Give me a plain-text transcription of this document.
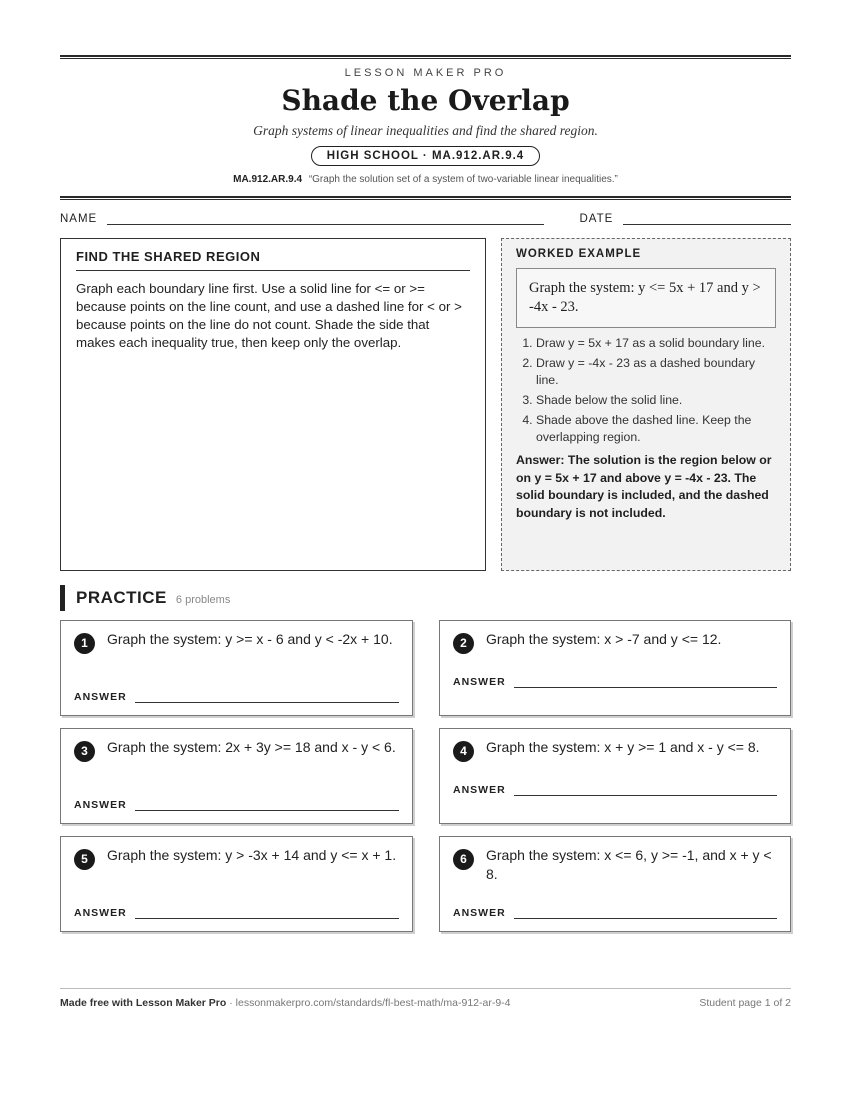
LESSON MAKER PRO
Shade the Overlap
Graph systems of linear inequalities and find the shared region.
HIGH SCHOOL · MA.912.AR.9.4
MA.912.AR.9.4 “Graph the solution set of a system of two-variable linear inequalities.”
NAME	DATE
FIND THE SHARED REGION

Graph each boundary line first. Use a solid line for <= or >= because points on the line count, and use a dashed line for < or > because points on the line do not count. Shade the side that makes each inequality true, then keep only the overlap.

WORKED EXAMPLE
Graph the system: y <= 5x + 17 and y > -4x - 23.
1. Draw y = 5x + 17 as a solid boundary line.
2. Draw y = -4x - 23 as a dashed boundary line.
3. Shade below the solid line.
4. Shade above the dashed line. Keep the overlapping region.
Answer: The solution is the region below or on y = 5x + 17 and above y = -4x - 23. The solid boundary is included, and the dashed boundary is not included.
PRACTICE 6 problems
1	Graph the system: y >= x - 6 and y < -2x + 10.
ANSWER
2	Graph the system: x > -7 and y <= 12.
ANSWER
3	Graph the system: 2x + 3y >= 18 and x - y < 6.
ANSWER
4	Graph the system: x + y >= 1 and x - y <= 8.
ANSWER
5	Graph the system: y > -3x + 14 and y <= x + 1.
ANSWER
6	Graph the system: x <= 6, y >= -1, and x + y < 8.
ANSWER
Made free with Lesson Maker Pro · lessonmakerpro.com/standards/fl-best-math/ma-912-ar-9-4	Student page 1 of 2
